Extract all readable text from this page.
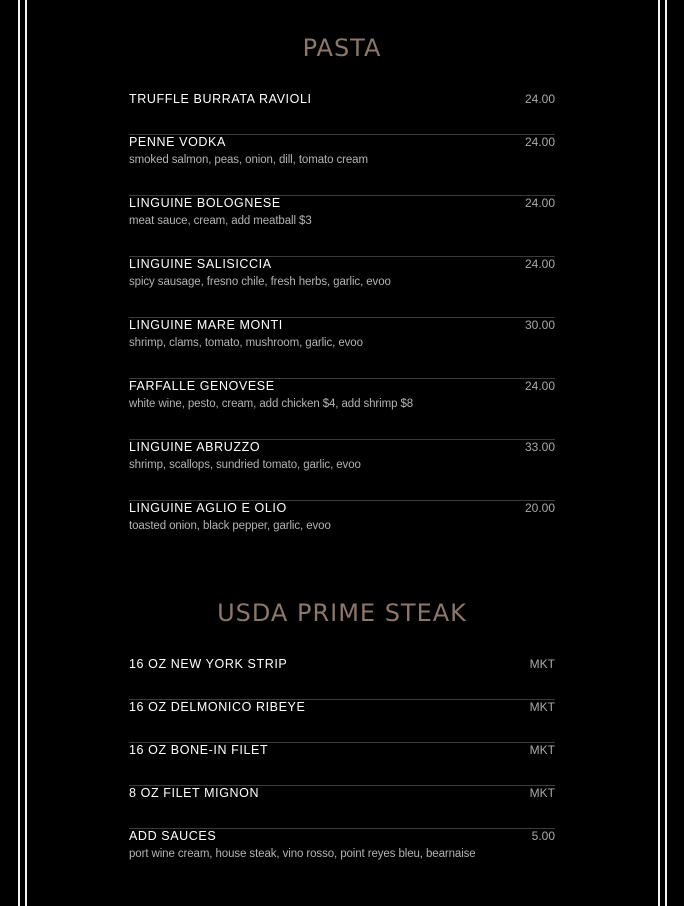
PASTA
TRUFFLE BURRATA RAVIOLI	24.00
PENNE VODKA	24.00
smoked salmon, peas, onion, dill, tomato cream
LINGUINE BOLOGNESE	24.00
meat sauce, cream, add meatball $3
LINGUINE SALISICCIA	24.00
spicy sausage, fresno chile, fresh herbs, garlic, evoo
LINGUINE MARE MONTI	30.00
shrimp, clams, tomato, mushroom, garlic, evoo
FARFALLE GENOVESE	24.00
white wine, pesto, cream, add chicken $4, add shrimp $8
LINGUINE ABRUZZO	33.00
shrimp, scallops, sundried tomato, garlic, evoo
LINGUINE AGLIO E OLIO	20.00
toasted onion, black pepper, garlic, evoo
USDA PRIME STEAK
16 OZ NEW YORK STRIP	MKT
16 OZ DELMONICO RIBEYE	MKT
16 OZ BONE-IN FILET	MKT
8 OZ FILET MIGNON	MKT
ADD SAUCES	5.00
port wine cream, house steak, vino rosso, point reyes bleu, bearnaise
